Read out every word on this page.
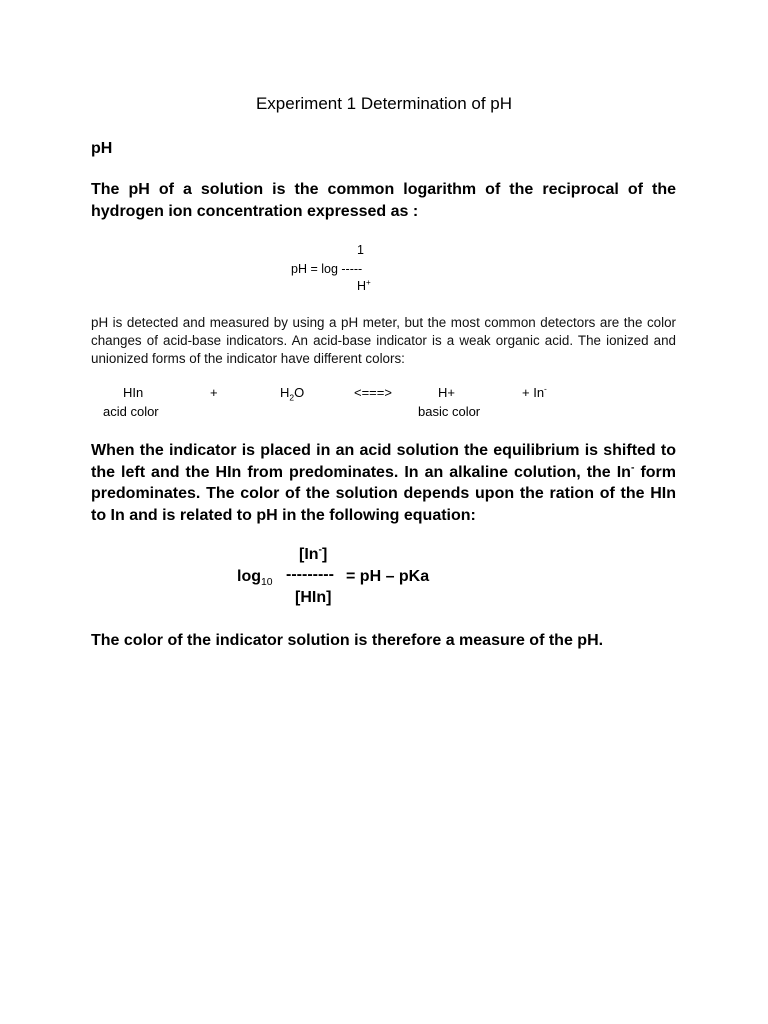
Experiment 1 Determination of pH
pH
The pH of a solution is the common logarithm of the reciprocal of the hydrogen ion concentration expressed as :
1
pH = log -----
H+
pH is detected and measured by using a pH meter, but the most common detectors are the color changes of acid-base indicators. An acid-base indicator is a weak organic acid. The ionized and unionized forms of the indicator have different colors:
HIn	+	$H_2O$	<===>	H+	+ In-
acid color	basic color
When the indicator is placed in an acid solution the equilibrium is shifted to the left and the HIn from predominates. In an alkaline colution, the In- form predominates. The color of the solution depends upon the ration of the HIn to In and is related to pH in the following equation:
[In-]
$\log_{10}$ --------- = pH – pKa
[HIn]
The color of the indicator solution is therefore a measure of the pH.
